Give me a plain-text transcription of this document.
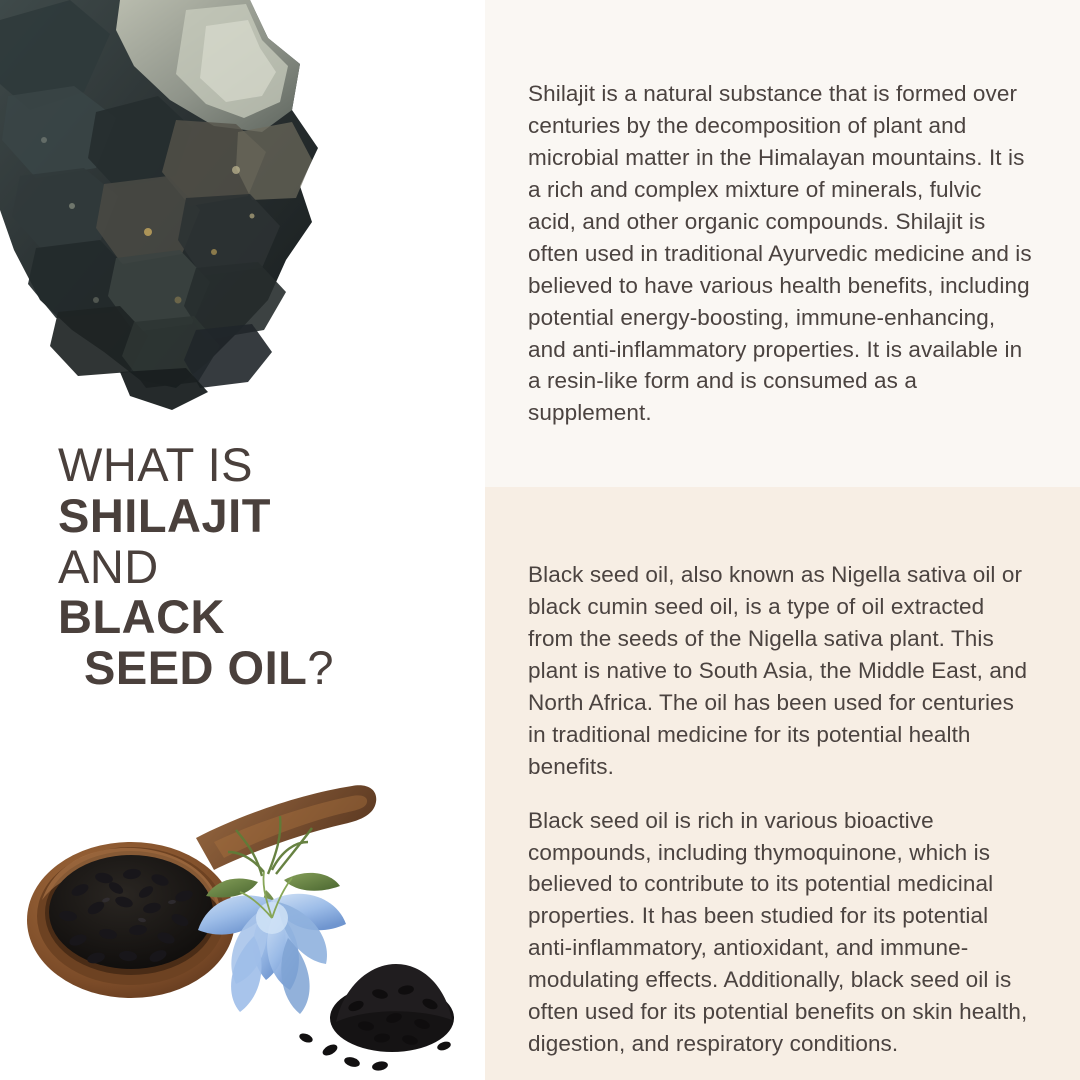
WHAT IS
SHILAJIT
AND
BLACK
SEED OIL?

Shilajit is a natural substance that is formed over centuries by the decomposition of plant and microbial matter in the Himalayan mountains. It is a rich and complex mixture of minerals, fulvic acid, and other organic compounds. Shilajit is often used in traditional Ayurvedic medicine and is believed to have various health benefits, including potential energy-boosting, immune-enhancing, and anti-inflammatory properties. It is available in a resin-like form and is consumed as a supplement.

Black seed oil, also known as Nigella sativa oil or black cumin seed oil, is a type of oil extracted from the seeds of the Nigella sativa plant. This plant is native to South Asia, the Middle East, and North Africa. The oil has been used for centuries in traditional medicine for its potential health benefits.

Black seed oil is rich in various bioactive compounds, including thymoquinone, which is believed to contribute to its potential medicinal properties. It has been studied for its potential anti-inflammatory, antioxidant, and immune-modulating effects. Additionally, black seed oil is often used for its potential benefits on skin health, digestion, and respiratory conditions.
